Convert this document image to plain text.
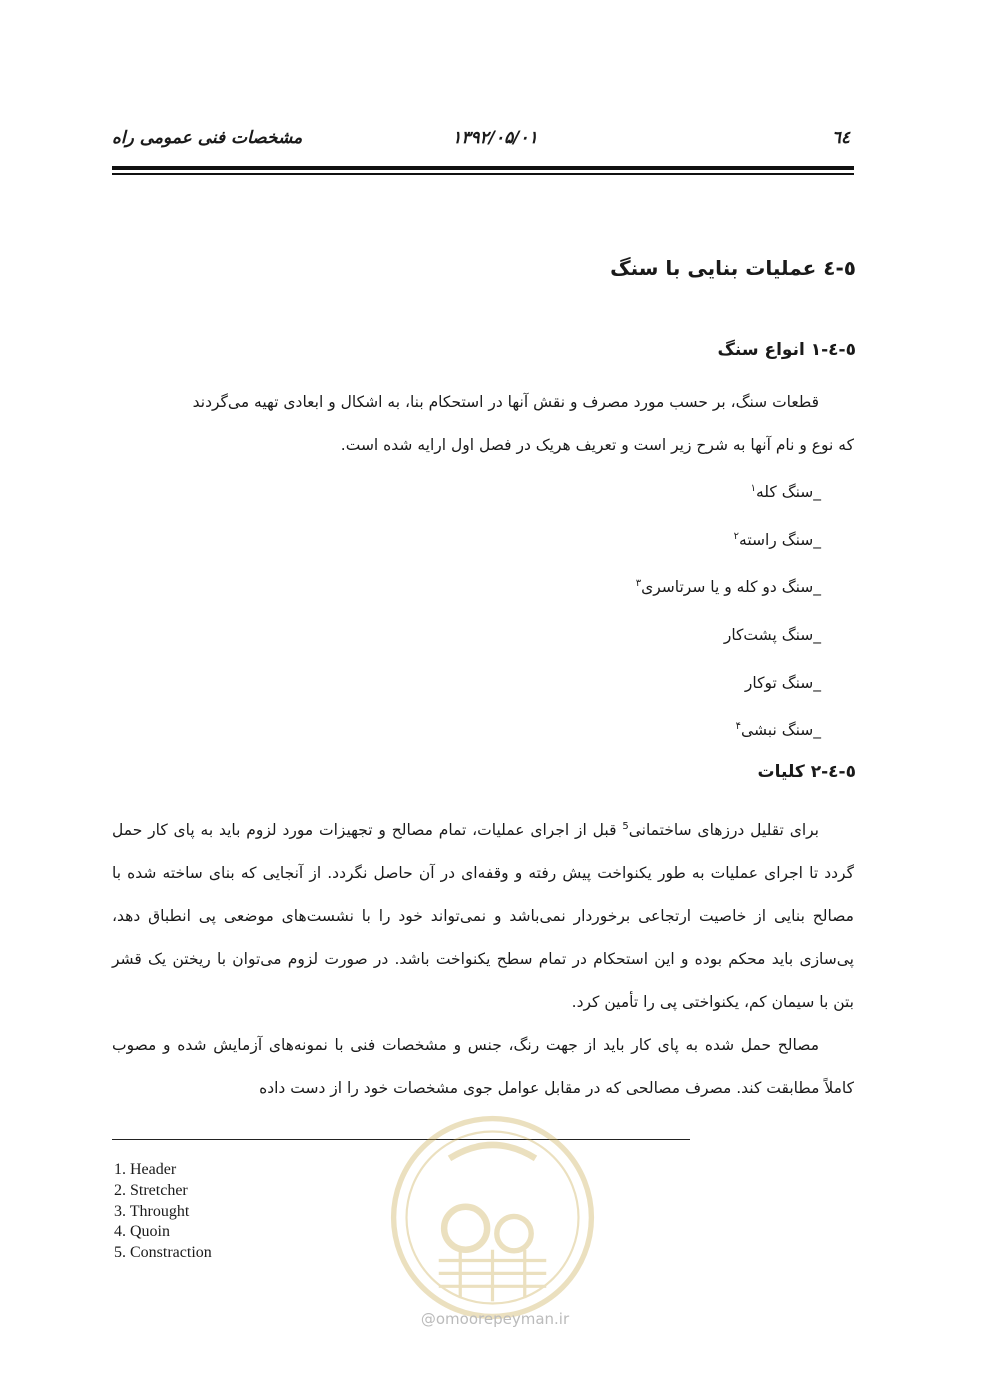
مشخصات فنی عمومی راه	۱۳۹۲/۰۵/۰۱	٦٤
٥-٤ عملیات بنایی با سنگ
٥-٤-١ انواع سنگ

قطعات سنگ، بر حسب مورد مصرف و نقش آنها در استحکام بنا، به اشکال و ابعادی تهیه می‌گردند

که نوع و نام آنها به شرح زیر است و تعریف هریک در فصل اول ارایه شده است.

_سنگ کله$^١$
_سنگ راسته$^٢$
_سنگ دو کله و یا سرتاسری$^٣$
_سنگ پشت‌کار
_سنگ توکار
_سنگ نبشی$^۴$
٥-٤-٢ کلیات

برای تقلیل درزهای ساختمانی$^5$ قبل از اجرای عملیات، تمام مصالح و تجهیزات مورد لزوم باید به پای کار حمل گردد تا اجرای عملیات به طور یکنواخت پیش رفته و وقفه‌ای در آن حاصل نگردد. از آنجایی که بنای ساخته شده با مصالح بنایی از خاصیت ارتجاعی برخوردار نمی‌باشد و نمی‌تواند خود را با نشست‌های موضعی پی انطباق دهد، پی‌سازی باید محکم بوده و این استحکام در تمام سطح یکنواخت باشد. در صورت لزوم می‌توان با ریختن یک قشر بتن با سیمان کم، یکنواختی پی را تأمین کرد.

مصالح حمل شده به پای کار باید از جهت رنگ، جنس و مشخصات فنی با نمونه‌های آزمایش شده و مصوب کاملاً مطابقت کند. مصرف مصالحی که در مقابل عوامل جوی مشخصات خود را از دست داده

1. Header
2. Stretcher
3. Throught
4. Quoin
5. Constraction
@omoorepeyman.ir
